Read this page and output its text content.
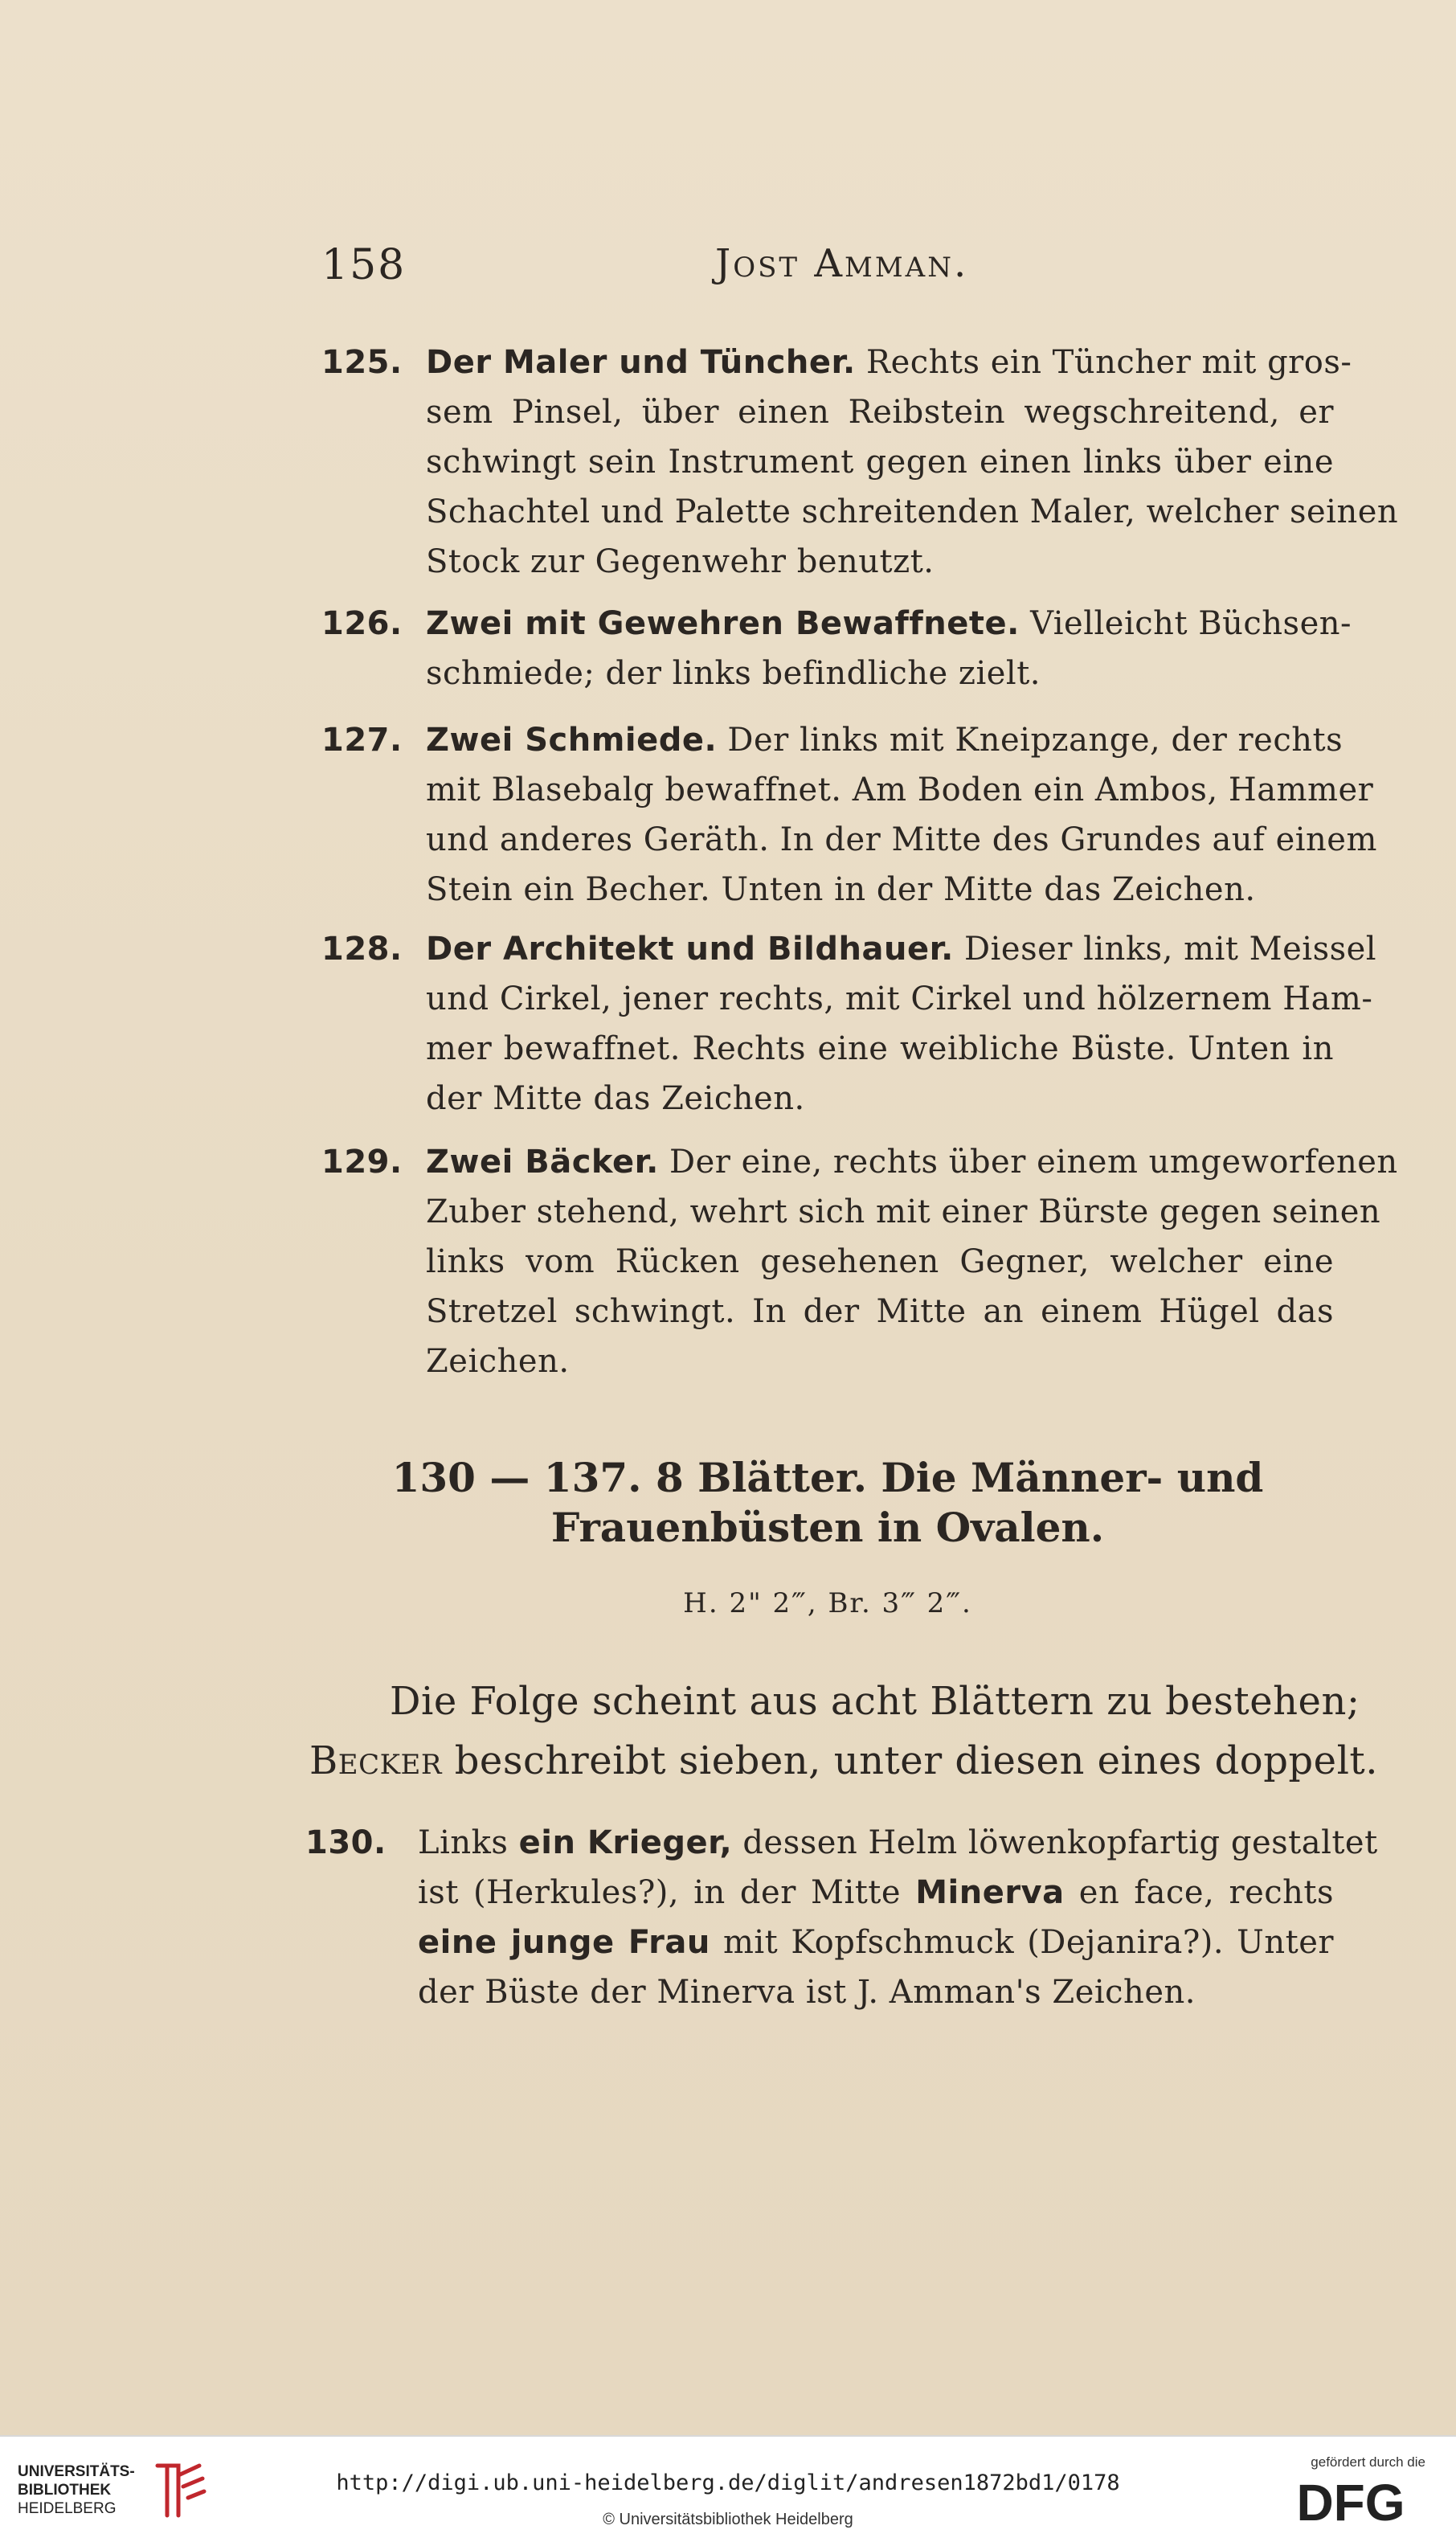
158	Jost Amman.
125. Der Maler und Tüncher. Rechts ein Tüncher mit gros-
sem Pinsel, über einen Reibstein wegschreitend, er
schwingt sein Instrument gegen einen links über eine
Schachtel und Palette schreitenden Maler, welcher seinen
Stock zur Gegenwehr benutzt.
126. Zwei mit Gewehren Bewaffnete. Vielleicht Büchsen-
schmiede; der links befindliche zielt.
127. Zwei Schmiede. Der links mit Kneipzange, der rechts
mit Blasebalg bewaffnet. Am Boden ein Ambos, Hammer
und anderes Geräth. In der Mitte des Grundes auf einem
Stein ein Becher. Unten in der Mitte das Zeichen.
128. Der Architekt und Bildhauer. Dieser links, mit Meissel
und Cirkel, jener rechts, mit Cirkel und hölzernem Ham-
mer bewaffnet. Rechts eine weibliche Büste. Unten in
der Mitte das Zeichen.
129. Zwei Bäcker. Der eine, rechts über einem umgeworfenen
Zuber stehend, wehrt sich mit einer Bürste gegen seinen
links vom Rücken gesehenen Gegner, welcher eine
Stretzel schwingt. In der Mitte an einem Hügel das
Zeichen.
130 — 137. 8 Blätter. Die Männer- und
Frauenbüsten in Ovalen.
H. 2" 2‴, Br. 3‴ 2‴.
Die Folge scheint aus acht Blättern zu bestehen;
Becker beschreibt sieben, unter diesen eines doppelt.
130. Links ein Krieger, dessen Helm löwenkopfartig gestaltet
ist (Herkules?), in der Mitte Minerva en face, rechts
eine junge Frau mit Kopfschmuck (Dejanira?). Unter
der Büste der Minerva ist J. Amman's Zeichen.
UNIVERSITÄTS-
BIBLIOTHEK
HEIDELBERG
http://digi.ub.uni-heidelberg.de/diglit/andresen1872bd1/0178
© Universitätsbibliothek Heidelberg
gefördert durch die
DFG
